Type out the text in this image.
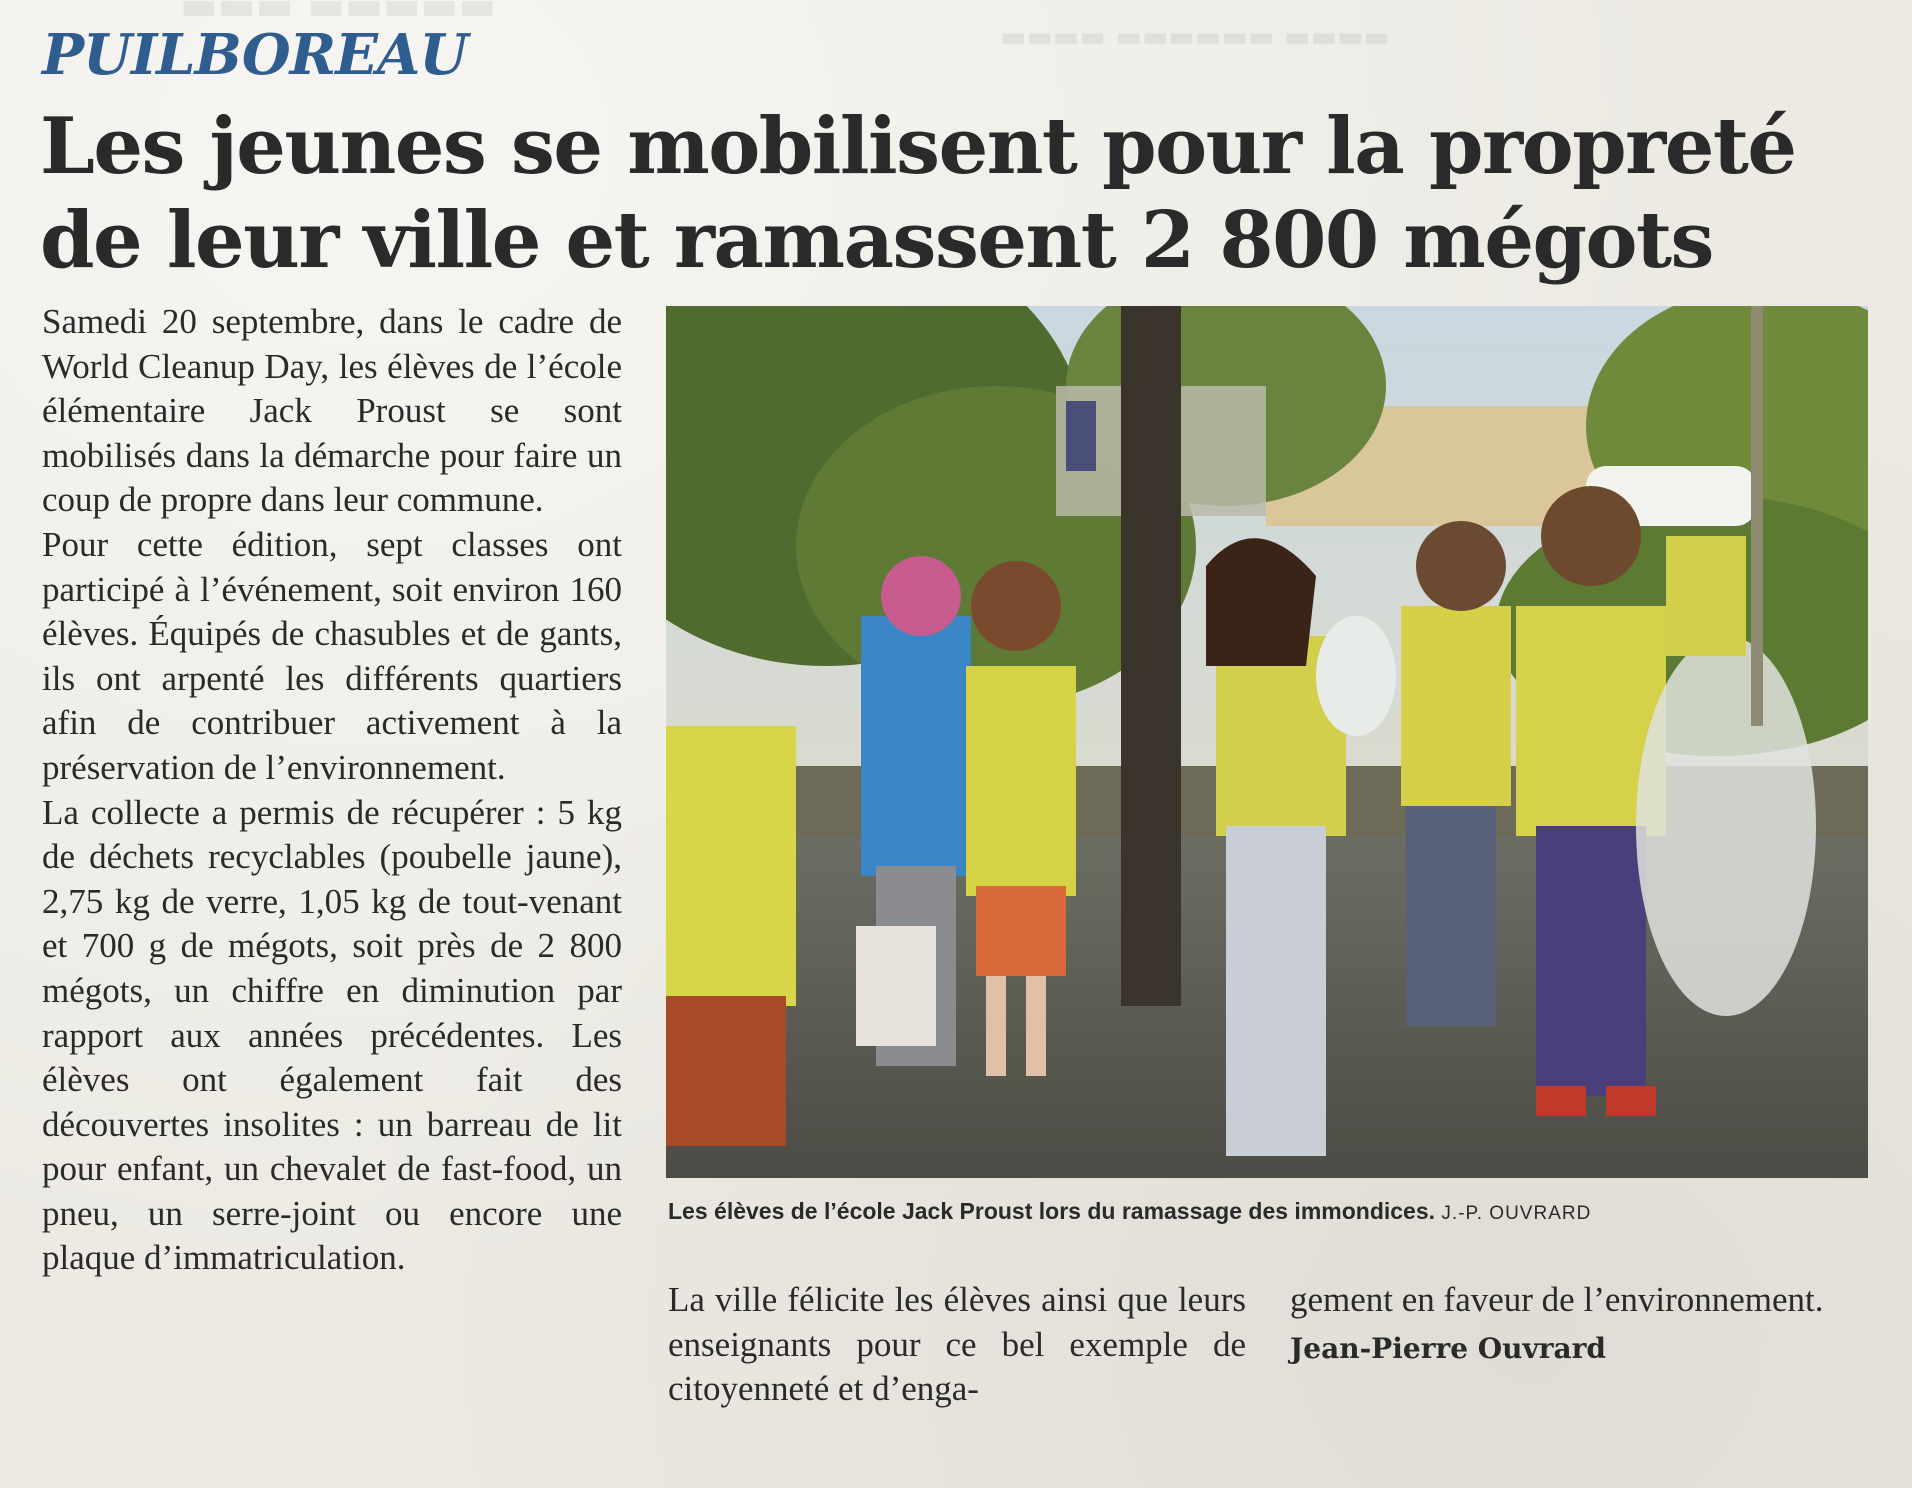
▬▬▬ ▬▬▬▬▬
▬▬▬▬ ▬▬▬▬▬▬ ▬▬▬▬
PUILBOREAU
Les jeunes se mobilisent pour la propreté
de leur ville et ramassent 2 800 mégots

Samedi 20 septembre, dans le cadre de World Cleanup Day, les élèves de l’école élémentaire Jack Proust se sont mobilisés dans la démarche pour faire un coup de propre dans leur commune.

Pour cette édition, sept classes ont participé à l’événement, soit environ 160 élèves. Équipés de chasubles et de gants, ils ont arpenté les différents quartiers afin de contribuer activement à la préservation de l’environnement.

La collecte a permis de récupérer : 5 kg de déchets recyclables (poubelle jaune), 2,75 kg de verre, 1,05 kg de tout-venant et 700 g de mégots, soit près de 2 800 mégots, un chiffre en diminution par rapport aux années précédentes. Les élèves ont également fait des découvertes insolites : un barreau de lit pour enfant, un chevalet de fast-food, un pneu, un serre-joint ou encore une plaque d’immatriculation.

Les élèves de l’école Jack Proust lors du ramassage des immondices. J.-P. OUVRARD

La ville félicite les élèves ainsi que leurs enseignants pour ce bel exemple de citoyenneté et d’enga-

gement en faveur de l’environnement.

Jean-Pierre Ouvrard
